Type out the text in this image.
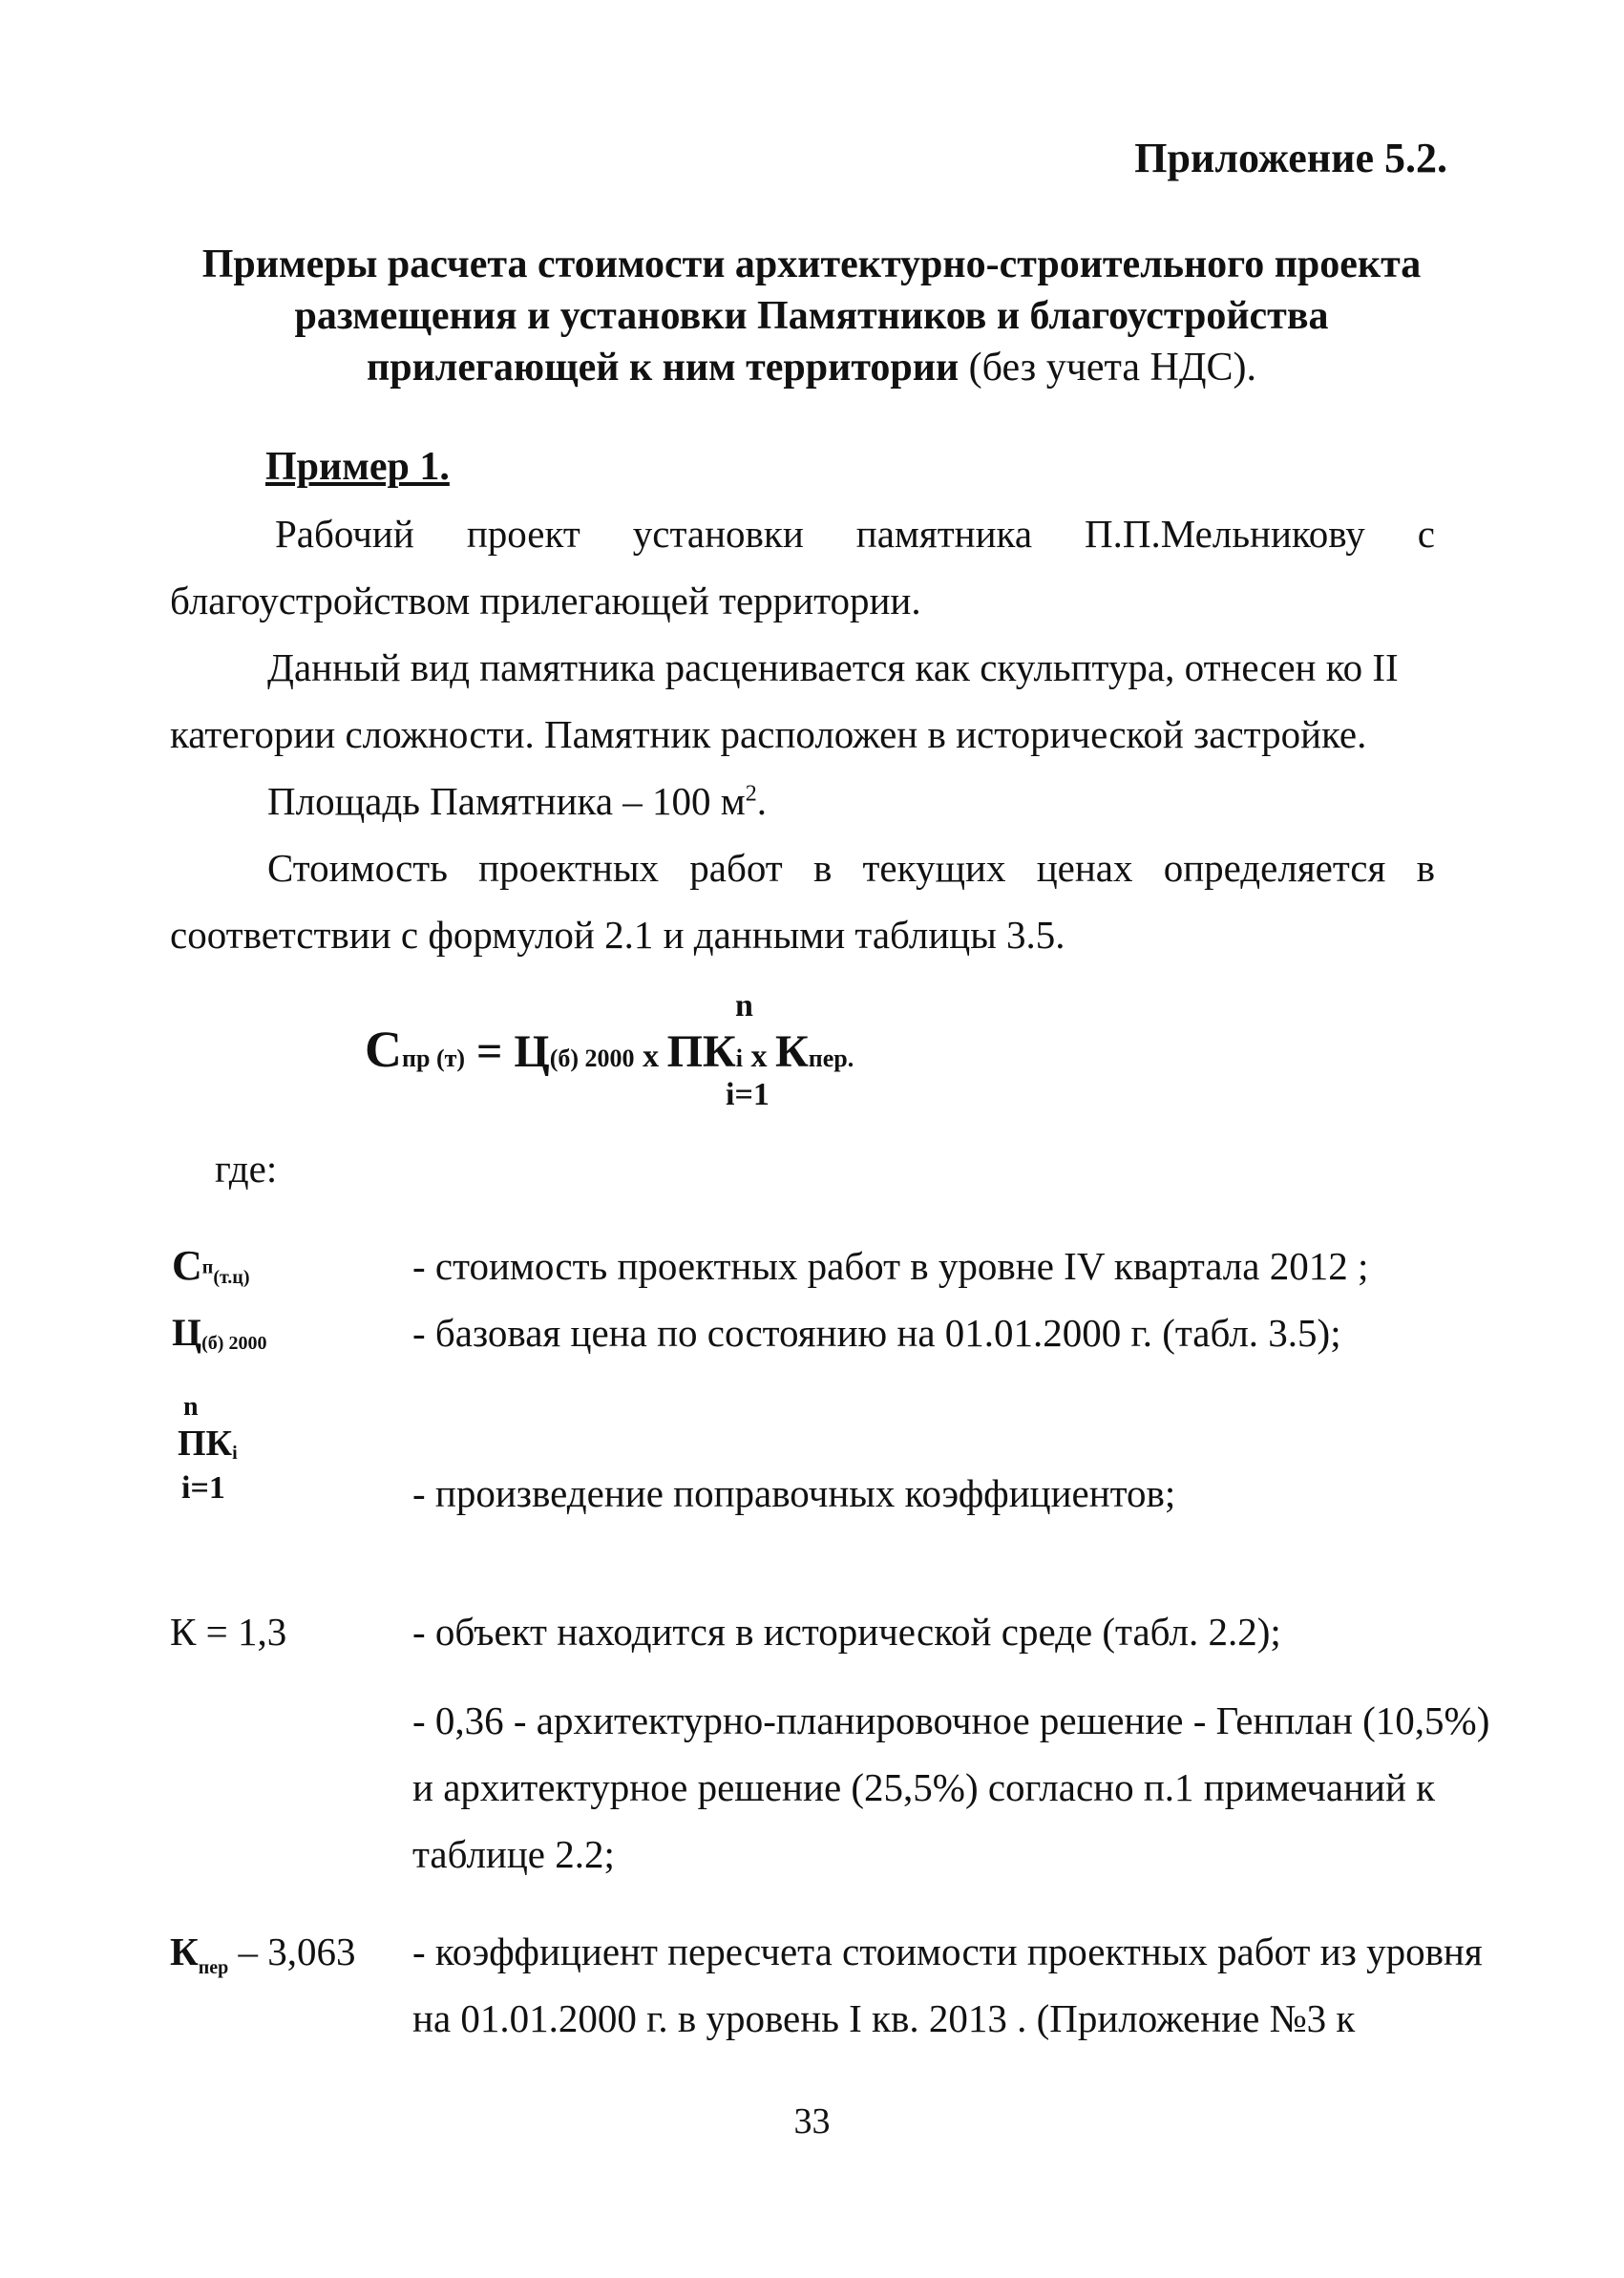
Приложение 5.2.
Примеры расчета стоимости архитектурно-строительного проекта
размещения и установки Памятников и благоустройства
прилегающей к ним территории (без учета НДС).
Пример 1.
Рабочий проект установки памятника П.П.Мельникову с
благоустройством прилегающей территории.
Данный вид памятника расценивается как скульптура, отнесен ко II
категории сложности. Памятник расположен в исторической застройке.
Площадь Памятника – 100 $м^2$.
Стоимость проектных работ в текущих ценах определяется в
соответствии с формулой 2.1 и данными таблицы 3.5.
n
Спр (т) = Ц(б) 2000 х ПКi х Кпер.
i=1
где:
$С^п_{(т.ц)}$	- стоимость проектных работ в уровне IV квартала 2012 ;
$Ц_{(б) 2000}$	- базовая цена по состоянию на 01.01.2000 г. (табл. 3.5);
n
$ПК_i$
i=1	- произведение поправочных коэффициентов;
К = 1,3	- объект находится в исторической среде (табл. 2.2);
- 0,36 - архитектурно-планировочное решение - Генплан (10,5%)
и архитектурное решение (25,5%) согласно п.1 примечаний к
таблице 2.2;
$К_{пер} - 3,063$ - коэффициент пересчета стоимости проектных работ из уровня
на 01.01.2000 г. в уровень I кв. 2013 . (Приложение №3 к
33
